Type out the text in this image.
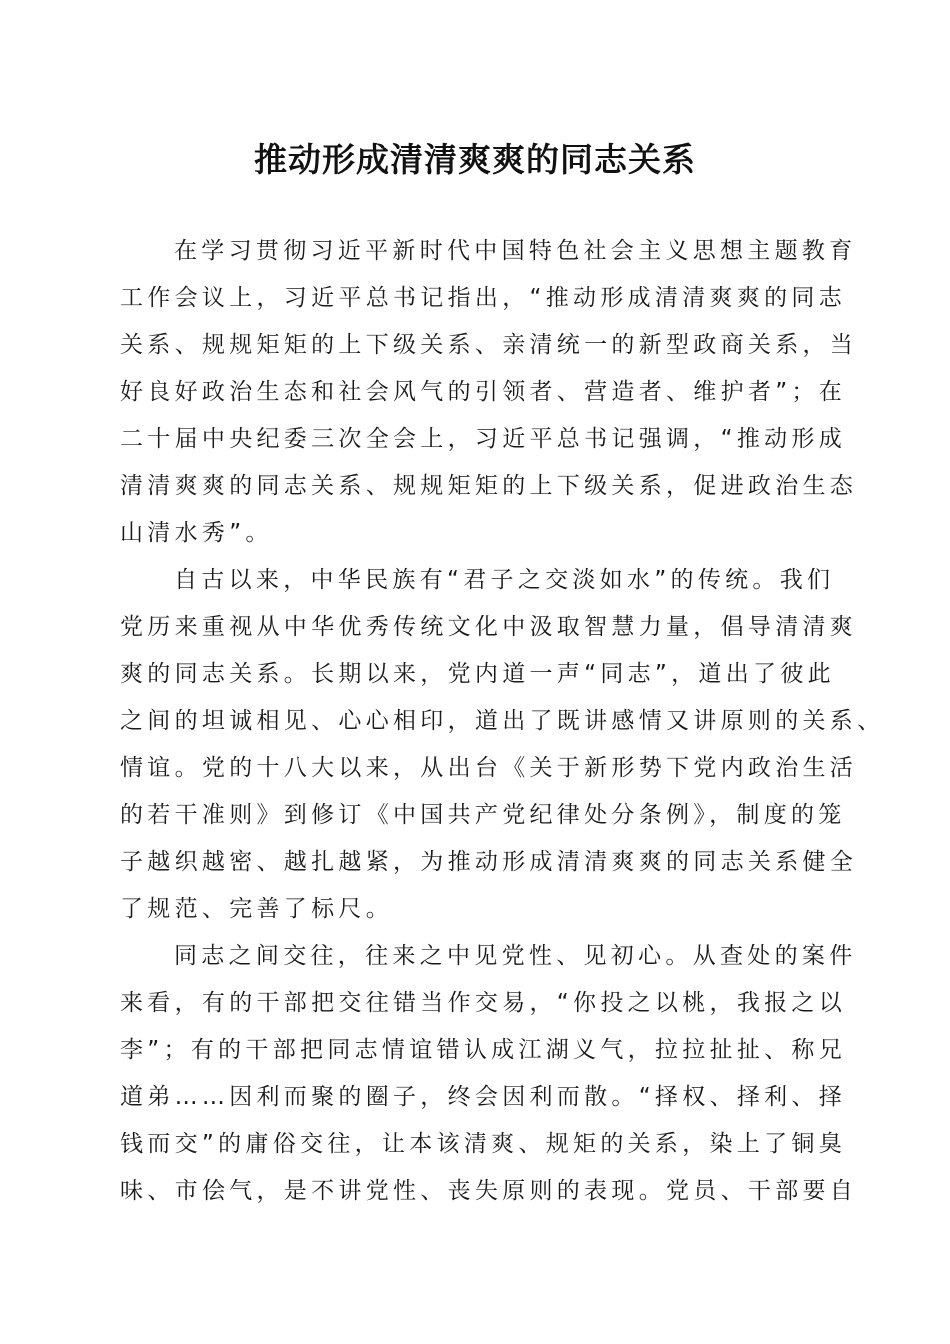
推动形成清清爽爽的同志关系
在学习贯彻习近平新时代中国特色社会主义思想主题教育
工作会议上，习近平总书记指出，“推动形成清清爽爽的同志
关系、规规矩矩的上下级关系、亲清统一的新型政商关系，当
好良好政治生态和社会风气的引领者、营造者、维护者”；在
二十届中央纪委三次全会上，习近平总书记强调，“推动形成
清清爽爽的同志关系、规规矩矩的上下级关系，促进政治生态
山清水秀”。
自古以来，中华民族有“君子之交淡如水”的传统。我们
党历来重视从中华优秀传统文化中汲取智慧力量，倡导清清爽
爽的同志关系。长期以来，党内道一声“同志”，道出了彼此
之间的坦诚相见、心心相印，道出了既讲感情又讲原则的关系、
情谊。党的十八大以来，从出台《关于新形势下党内政治生活
的若干准则》到修订《中国共产党纪律处分条例》，制度的笼
子越织越密、越扎越紧，为推动形成清清爽爽的同志关系健全
了规范、完善了标尺。
同志之间交往，往来之中见党性、见初心。从查处的案件
来看，有的干部把交往错当作交易，“你投之以桃，我报之以
李”；有的干部把同志情谊错认成江湖义气，拉拉扯扯、称兄
道弟……因利而聚的圈子，终会因利而散。“择权、择利、择
钱而交”的庸俗交往，让本该清爽、规矩的关系，染上了铜臭
味、市侩气，是不讲党性、丧失原则的表现。党员、干部要自
